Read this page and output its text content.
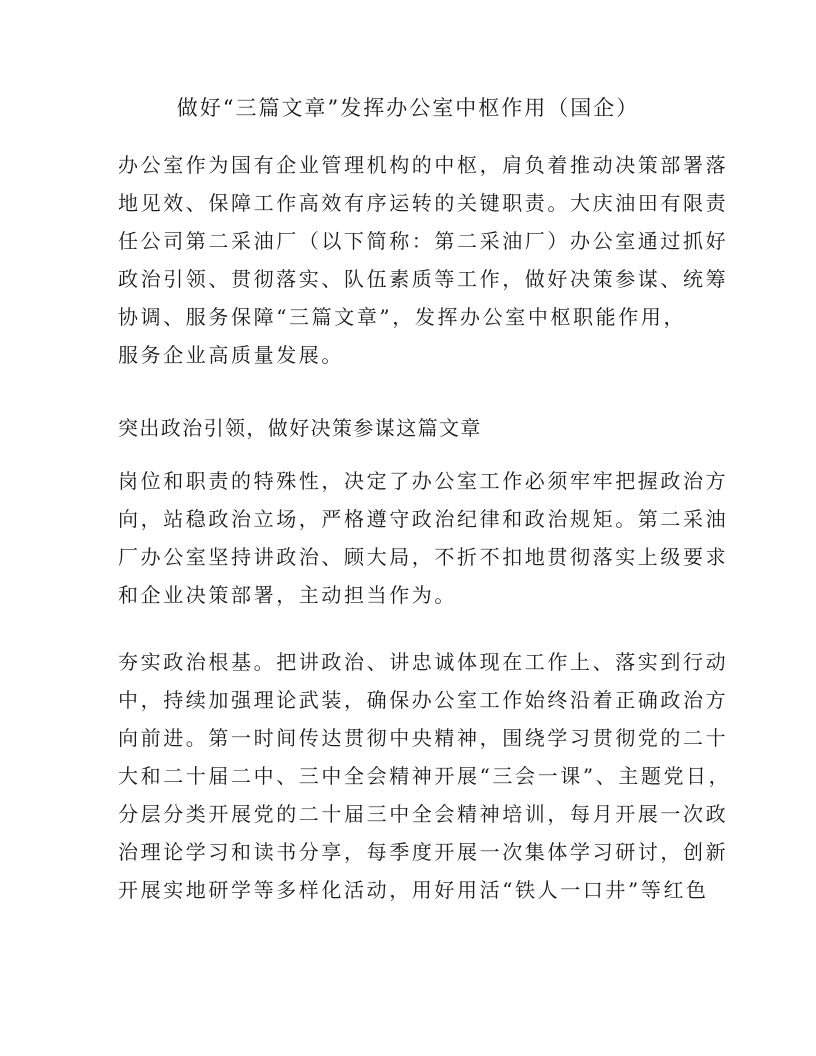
做好“三篇文章”发挥办公室中枢作用（国企）
办公室作为国有企业管理机构的中枢，肩负着推动决策部署落
地见效、保障工作高效有序运转的关键职责。大庆油田有限责
任公司第二采油厂（以下简称：第二采油厂）办公室通过抓好
政治引领、贯彻落实、队伍素质等工作，做好决策参谋、统筹
协调、服务保障“三篇文章”，发挥办公室中枢职能作用，
服务企业高质量发展。
突出政治引领，做好决策参谋这篇文章
岗位和职责的特殊性，决定了办公室工作必须牢牢把握政治方
向，站稳政治立场，严格遵守政治纪律和政治规矩。第二采油
厂办公室坚持讲政治、顾大局，不折不扣地贯彻落实上级要求
和企业决策部署，主动担当作为。
夯实政治根基。把讲政治、讲忠诚体现在工作上、落实到行动
中，持续加强理论武装，确保办公室工作始终沿着正确政治方
向前进。第一时间传达贯彻中央精神，围绕学习贯彻党的二十
大和二十届二中、三中全会精神开展“三会一课”、主题党日，
分层分类开展党的二十届三中全会精神培训，每月开展一次政
治理论学习和读书分享，每季度开展一次集体学习研讨，创新
开展实地研学等多样化活动，用好用活“铁人一口井”等红色
